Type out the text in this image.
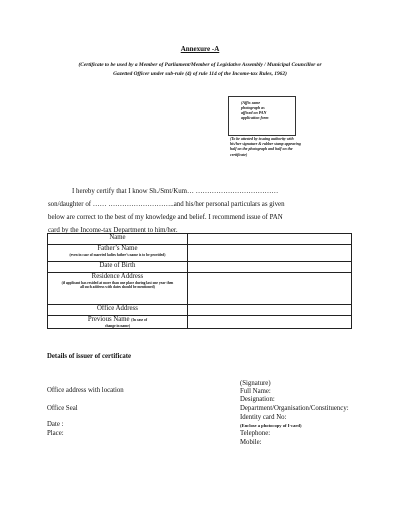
Annexure -A
(Certificate to be used by a Member of Parliament/Member of Legislative Assembly / Municipal Councillor or
Gazetted Officer under sub-rule (4) of rule 114 of the Income-tax Rules, 1962)
(Affix same
photograph as
affixed on PAN
application form
(To be attested by issuing authority with
his/her signature & rubber stamp appearing
half on the photograph and half on the
certificate)
I hereby certify that I know Sh./Smt/Kum… ………………………………
son/daughter of …… ………………………..and his/her personal particulars as given
below are correct to the best of my knowledge and belief. I recommend issue of PAN
card by the Income-tax Department to him/her.
Name	
Father’s Name
(even in case of married ladies father’s name is to be provided)	

Date of Birth	
Residence Address
(if applicant has resided at more than one place during last one year then all such address with dates should be mentioned)	

Office Address	
Previous Name (In case of
change in name)	

Details of issuer of certificate
Office address with location
Office Seal
Date :
Place:
(Signature)
Full Name:
Designation:
Department/Organisation/Constituency:
Identity card No:
(Enclose a photocopy of I-card)
Telephone:
Mobile:
